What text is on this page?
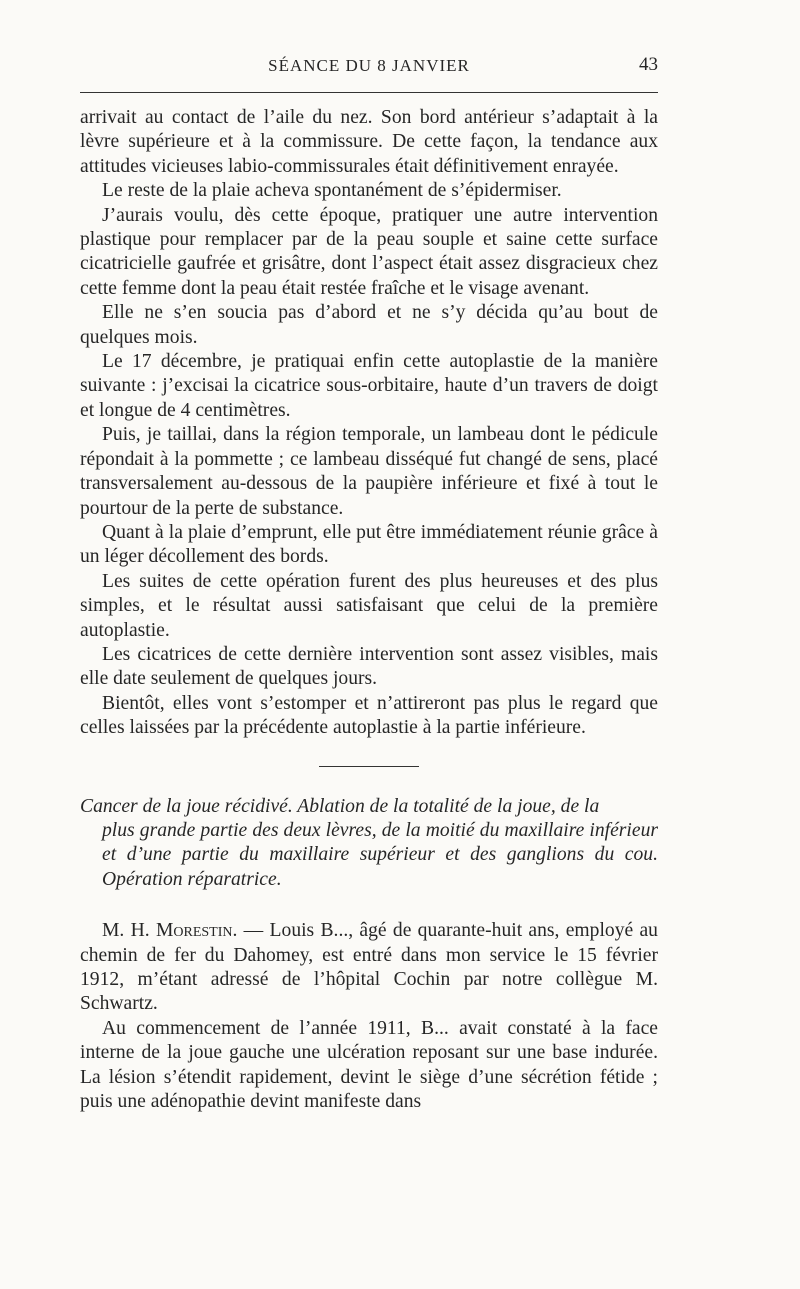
SÉANCE DU 8 JANVIER	43

arrivait au contact de l’aile du nez. Son bord antérieur s’adaptait à la lèvre supérieure et à la commissure. De cette façon, la tendance aux attitudes vicieuses labio-commissurales était définitivement enrayée.

Le reste de la plaie acheva spontanément de s’épidermiser.

J’aurais voulu, dès cette époque, pratiquer une autre intervention plastique pour remplacer par de la peau souple et saine cette surface cicatricielle gaufrée et grisâtre, dont l’aspect était assez disgracieux chez cette femme dont la peau était restée fraîche et le visage avenant.

Elle ne s’en soucia pas d’abord et ne s’y décida qu’au bout de quelques mois.

Le 17 décembre, je pratiquai enfin cette autoplastie de la manière suivante : j’excisai la cicatrice sous-orbitaire, haute d’un travers de doigt et longue de 4 centimètres.

Puis, je taillai, dans la région temporale, un lambeau dont le pédicule répondait à la pommette ; ce lambeau disséqué fut changé de sens, placé transversalement au-dessous de la paupière inférieure et fixé à tout le pourtour de la perte de substance.

Quant à la plaie d’emprunt, elle put être immédiatement réunie grâce à un léger décollement des bords.

Les suites de cette opération furent des plus heureuses et des plus simples, et le résultat aussi satisfaisant que celui de la première autoplastie.

Les cicatrices de cette dernière intervention sont assez visibles, mais elle date seulement de quelques jours.

Bientôt, elles vont s’estomper et n’attireront pas plus le regard que celles laissées par la précédente autoplastie à la partie inférieure.

Cancer de la joue récidivé. Ablation de la totalité de la joue, de la
plus grande partie des deux lèvres, de la moitié du maxillaire inférieur et d’une partie du maxillaire supérieur et des ganglions du cou. Opération réparatrice.

M. H. Morestin. — Louis B..., âgé de quarante-huit ans, employé au chemin de fer du Dahomey, est entré dans mon service le 15 février 1912, m’étant adressé de l’hôpital Cochin par notre collègue M. Schwartz.

Au commencement de l’année 1911, B... avait constaté à la face interne de la joue gauche une ulcération reposant sur une base indurée. La lésion s’étendit rapidement, devint le siège d’une sécrétion fétide ; puis une adénopathie devint manifeste dans
